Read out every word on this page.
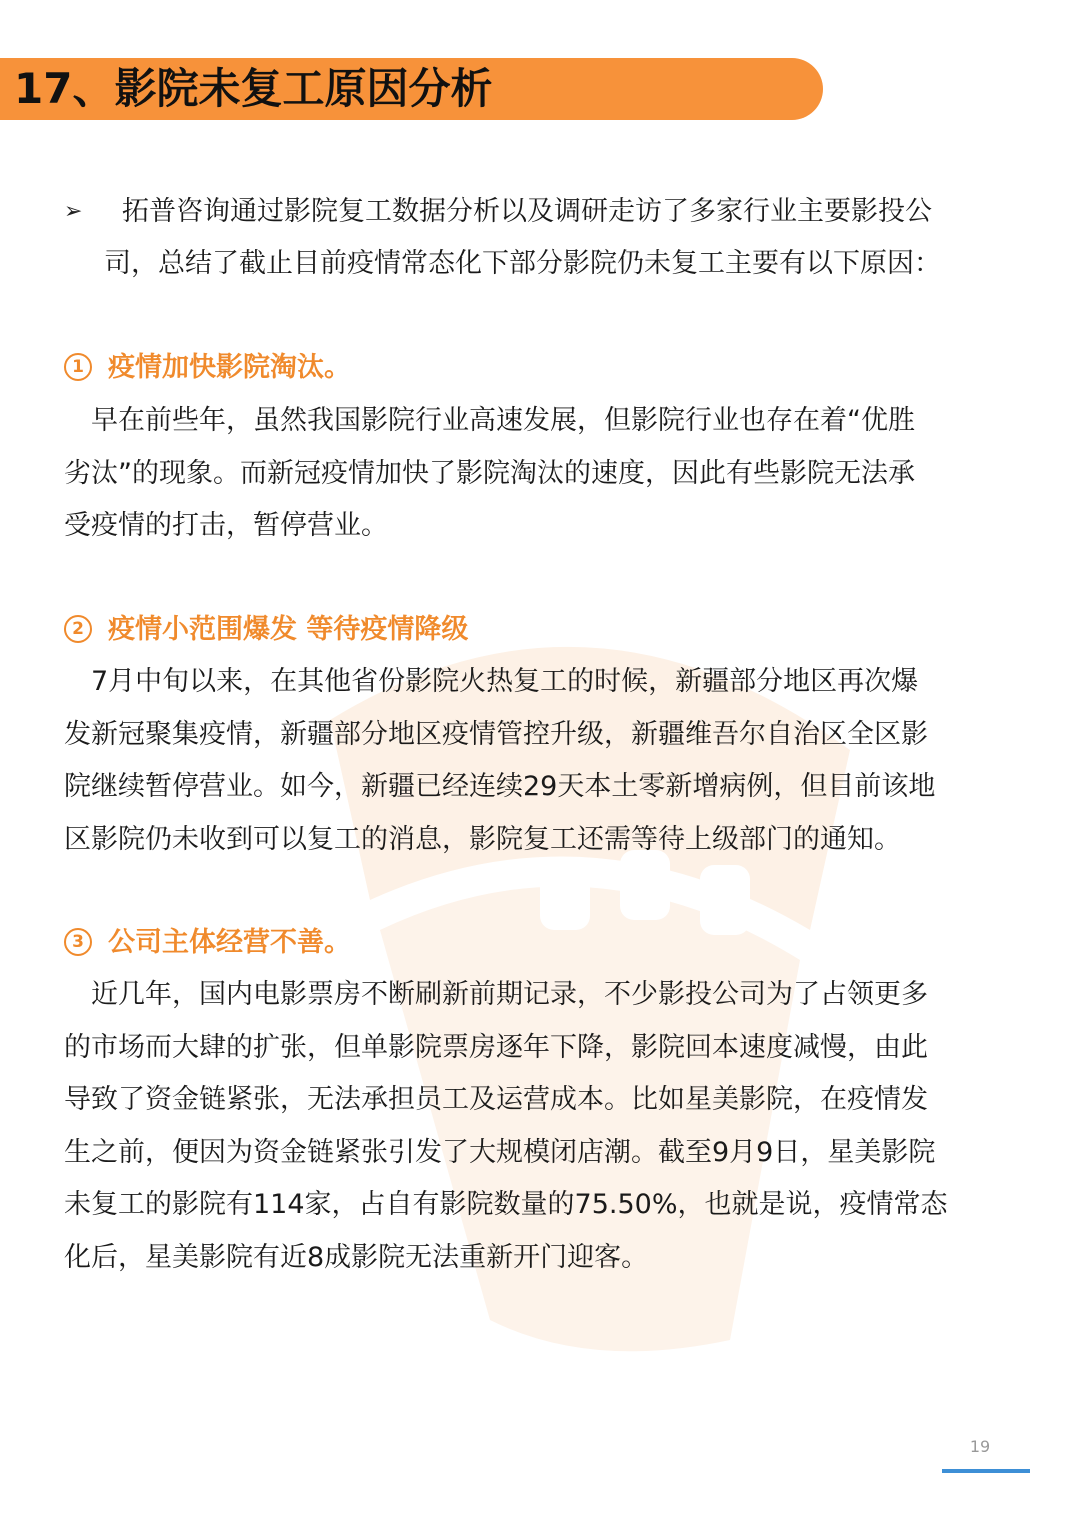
17、影院未复工原因分析
➢	拓普咨询通过影院复工数据分析以及调研走访了多家行业主要影投公
司，总结了截止目前疫情常态化下部分影院仍未复工主要有以下原因：
1 疫情加快影院淘汰。
　早在前些年，虽然我国影院行业高速发展，但影院行业也存在着“优胜
劣汰”的现象。而新冠疫情加快了影院淘汰的速度，因此有些影院无法承
受疫情的打击，暂停营业。
2 疫情小范围爆发 等待疫情降级
　7月中旬以来，在其他省份影院火热复工的时候，新疆部分地区再次爆
发新冠聚集疫情，新疆部分地区疫情管控升级，新疆维吾尔自治区全区影
院继续暂停营业。如今，新疆已经连续29天本土零新增病例，但目前该地
区影院仍未收到可以复工的消息，影院复工还需等待上级部门的通知。
3 公司主体经营不善。
　近几年，国内电影票房不断刷新前期记录，不少影投公司为了占领更多
的市场而大肆的扩张，但单影院票房逐年下降，影院回本速度减慢，由此
导致了资金链紧张，无法承担员工及运营成本。比如星美影院，在疫情发
生之前，便因为资金链紧张引发了大规模闭店潮。截至9月9日，星美影院
未复工的影院有114家，占自有影院数量的75.50%，也就是说，疫情常态
化后，星美影院有近8成影院无法重新开门迎客。
19
